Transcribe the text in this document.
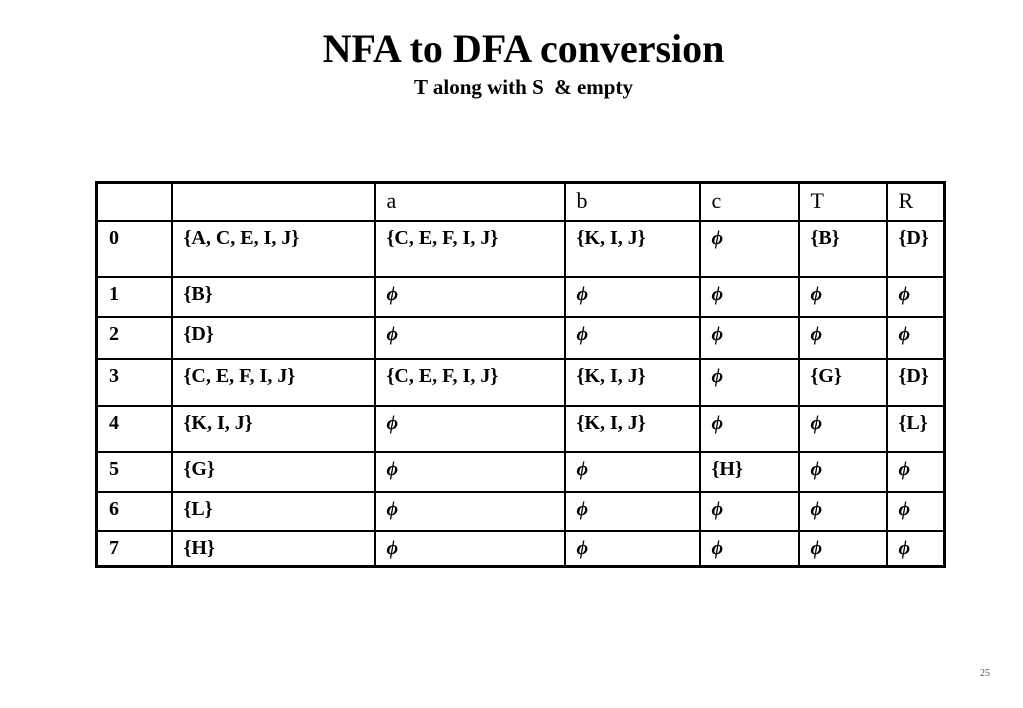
NFA to DFA conversion
T along with S  & empty
		a	b	c	T	R
0	{A, C, E, I, J}	{C, E, F, I, J}	{K, I, J}	ϕ	{B}	{D}
1	{B}	ϕ	ϕ	ϕ	ϕ	ϕ
2	{D}	ϕ	ϕ	ϕ	ϕ	ϕ
3	{C, E, F, I, J}	{C, E, F, I, J}	{K, I, J}	ϕ	{G}	{D}
4	{K, I, J}	ϕ	{K, I, J}	ϕ	ϕ	{L}
5	{G}	ϕ	ϕ	{H}	ϕ	ϕ
6	{L}	ϕ	ϕ	ϕ	ϕ	ϕ
7	{H}	ϕ	ϕ	ϕ	ϕ	ϕ
25
